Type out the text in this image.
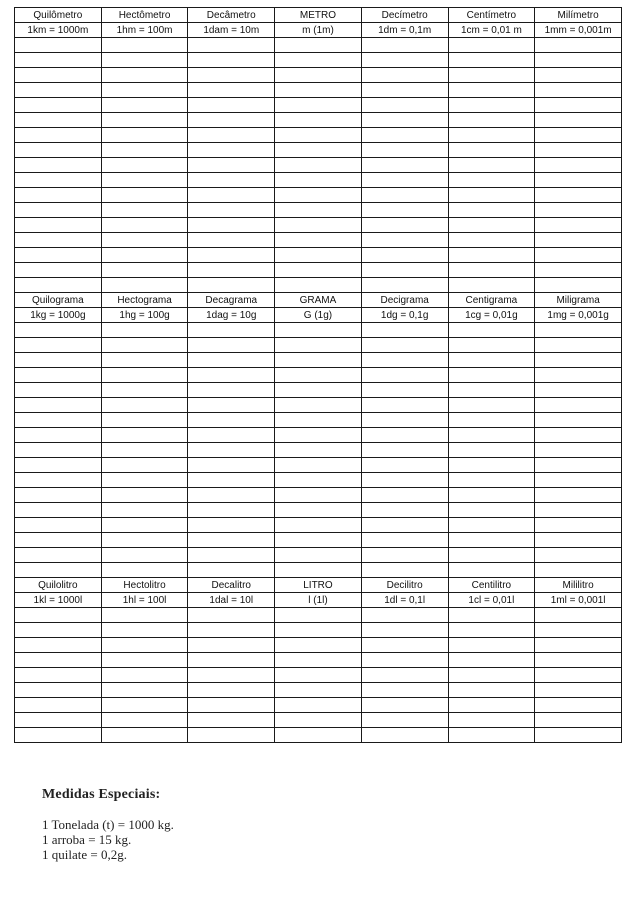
Quilômetro	Hectômetro	Decâmetro	METRO	Decímetro	Centímetro	Milímetro
1km = 1000m	1hm = 100m	1dam = 10m	m (1m)	1dm = 0,1m	1cm = 0,01 m	1mm = 0,001m

Quilograma	Hectograma	Decagrama	GRAMA	Decigrama	Centigrama	Miligrama
1kg = 1000g	1hg = 100g	1dag = 10g	G (1g)	1dg = 0,1g	1cg = 0,01g	1mg = 0,001g

Quilolitro	Hectolitro	Decalitro	LITRO	Decilitro	Centilitro	Mililitro
1kl = 1000l	1hl = 100l	1dal = 10l	l (1l)	1dl = 0,1l	1cl = 0,01l	1ml = 0,001l

Medidas Especiais:

1 Tonelada (t) = 1000 kg.

1 arroba = 15 kg.

1 quilate = 0,2g.
